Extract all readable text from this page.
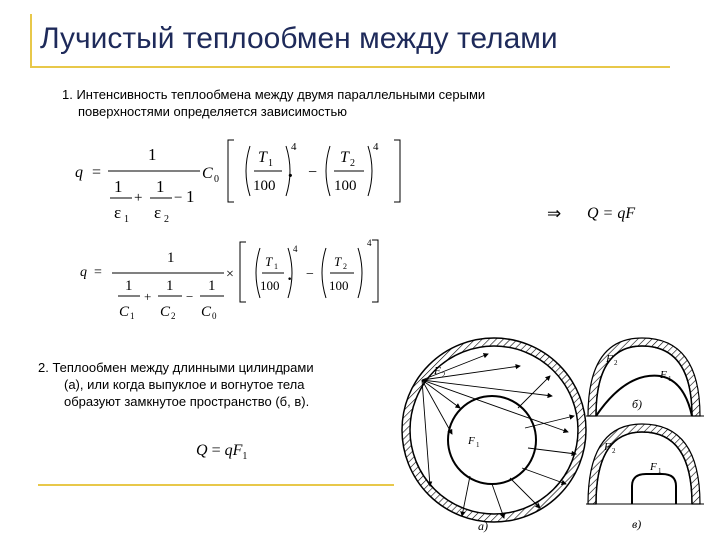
Лучистый теплообмен между телами
1. Интенсивность теплообмена между двумя параллельными серыми
поверхностями определяется зависимостью
q =
1
1
ε 1
+
1
ε 2
− 1
C 0
T 1
100
4
· −
T 2
100
4
⇒ Q = qF
q =
1
1
C 1
+
1
C 2
−
1
C 0
×
T 1
100
4
· −
T 2
100
4
2. Теплообмен между длинными цилиндрами
(а), или когда выпуклое и вогнутое тела
образуют замкнутое пространство (б, в).
$Q = qF_1$
F 2
F 1
а)
F 2
F 1
б)
F 2
F 1
в)
